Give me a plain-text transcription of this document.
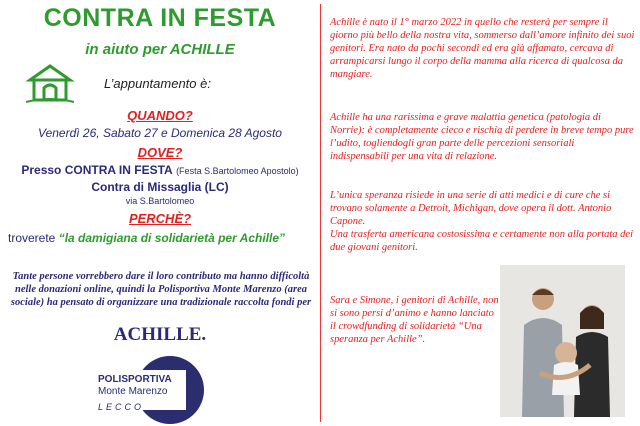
CONTRA IN FESTA
in aiuto per ACHILLE
L’appuntamento è:
QUANDO?
Venerdì 26, Sabato 27 e Domenica 28 Agosto
DOVE?
Presso CONTRA IN FESTA (Festa S.Bartolomeo Apostolo)
Contra di Missaglia (LC)
via S.Bartolomeo
PERCHÈ?
troverete “la damigiana di solidarietà per Achille”
Tante persone vorrebbero dare il loro contributo ma hanno difficoltà nelle donazioni online, quindi la Polisportiva Monte Marenzo (area sociale) ha pensato di organizzare una tradizionale raccolta fondi per
ACHILLE.
POLISPORTIVA
Monte Marenzo
LECCO
Achille è nato il 1° marzo 2022 in quello che resterà per sempre il giorno più bello della nostra vita, sommerso dall’amore infinito dei suoi genitori. Era nato da pochi secondi ed era già affamato, cercava di arrampicarsi lungo il corpo della mamma alla ricerca di qualcosa da mangiare.
Achille ha una rarissima e grave malattia genetica (patologia di Norrie): è completamente cieco e rischia di perdere in breve tempo pure l’udito, togliendogli gran parte delle percezioni sensoriali indispensabili per una vita di relazione.
L’unica speranza risiede in una serie di atti medici e di cure che si trovano solamente a Detroit, Michigan, dove opera il dott. Antonio Capone.
Una trasferta americana costosissima e certamente non alla portata dei due giovani genitori.
Sara e Simone, i genitori di Achille, non si sono persi d’animo e hanno lanciato il crowdfunding di solidarietà “Una speranza per Achille”.
